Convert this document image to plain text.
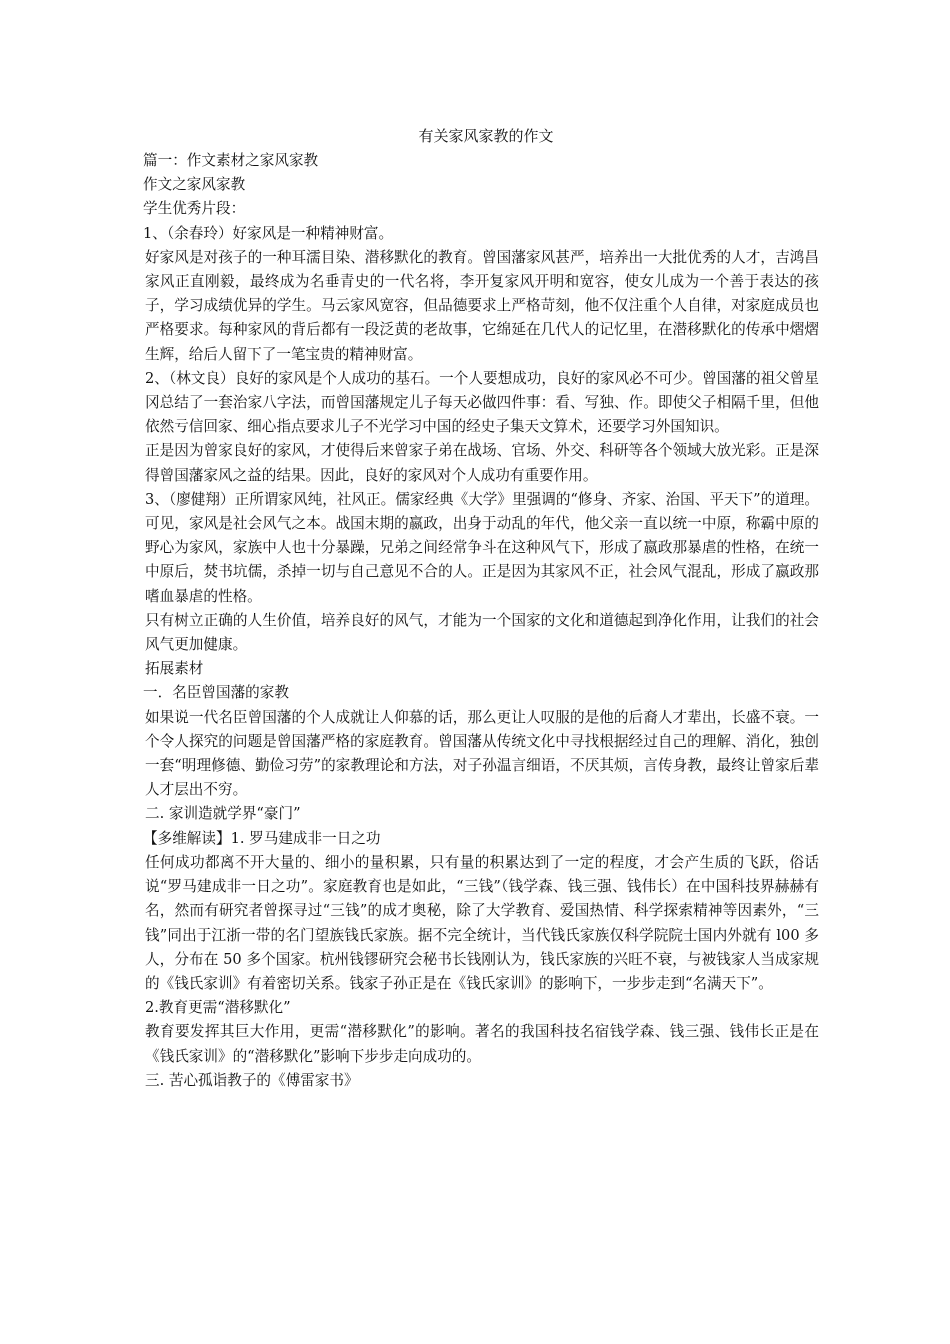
有关家风家教的作文

篇一：作文素材之家风家教

作文之家风家教

学生优秀片段：

1、（余春玲）好家风是一种精神财富。

好家风是对孩子的一种耳濡目染、潜移默化的教育。曾国藩家风甚严，培养出一大批优秀的人才，吉鸿昌家风正直刚毅，最终成为名垂青史的一代名将，李开复家风开明和宽容，使女儿成为一个善于表达的孩子，学习成绩优异的学生。马云家风宽容，但品德要求上严格苛刻，他不仅注重个人自律，对家庭成员也严格要求。每种家风的背后都有一段泛黄的老故事，它绵延在几代人的记忆里，在潜移默化的传承中熠熠生辉，给后人留下了一笔宝贵的精神财富。

2、（林文良）良好的家风是个人成功的基石。一个人要想成功，良好的家风必不可少。曾国藩的祖父曾星冈总结了一套治家八字法，而曾国藩规定儿子每天必做四件事：看、写独、作。即使父子相隔千里，但他依然亏信回家、细心指点要求儿子不光学习中国的经史子集天文算术，还要学习外国知识。

正是因为曾家良好的家风，才使得后来曾家子弟在战场、官场、外交、科研等各个领域大放光彩。正是深得曾国藩家风之益的结果。因此，良好的家风对个人成功有重要作用。

3、（廖健翔）正所谓家风纯，社风正。儒家经典《大学》里强调的“修身、齐家、治国、平天下”的道理。可见，家风是社会风气之本。战国末期的嬴政，出身于动乱的年代，他父亲一直以统一中原，称霸中原的野心为家风，家族中人也十分暴躁，兄弟之间经常争斗在这种风气下，形成了嬴政那暴虐的性格，在统一中原后，焚书坑儒，杀掉一切与自己意见不合的人。正是因为其家风不正，社会风气混乱，形成了嬴政那嗜血暴虐的性格。

只有树立正确的人生价值，培养良好的风气，才能为一个国家的文化和道德起到净化作用，让我们的社会风气更加健康。

拓展素材

一．名臣曾国藩的家教

如果说一代名臣曾国藩的个人成就让人仰慕的话，那么更让人叹服的是他的后裔人才辈出，长盛不衰。一个令人探究的问题是曾国藩严格的家庭教育。曾国藩从传统文化中寻找根据经过自己的理解、消化，独创一套“明理修德、勤俭习劳”的家教理论和方法，对子孙温言细语，不厌其烦，言传身教，最终让曾家后辈人才层出不穷。

二. 家训造就学界“豪门”

【多维解读】1. 罗马建成非一日之功

任何成功都离不开大量的、细小的量积累，只有量的积累达到了一定的程度，才会产生质的飞跃，俗话说“罗马建成非一日之功”。家庭教育也是如此，“三钱”（钱学森、钱三强、钱伟长）在中国科技界赫赫有名，然而有研究者曾探寻过“三钱”的成才奥秘，除了大学教育、爱国热情、科学探索精神等因素外，“三钱”同出于江浙一带的名门望族钱氏家族。据不完全统计，当代钱氏家族仅科学院院士国内外就有 l00 多人，分布在 50 多个国家。杭州钱镠研究会秘书长钱刚认为，钱氏家族的兴旺不衰，与被钱家人当成家规的《钱氏家训》有着密切关系。钱家子孙正是在《钱氏家训》的影响下，一步步走到“名满天下”。

2.教育更需“潜移默化”

教育要发挥其巨大作用，更需“潜移默化”的影响。著名的我国科技名宿钱学森、钱三强、钱伟长正是在《钱氏家训》的“潜移默化”影响下步步走向成功的。

三. 苦心孤诣教子的《傅雷家书》
